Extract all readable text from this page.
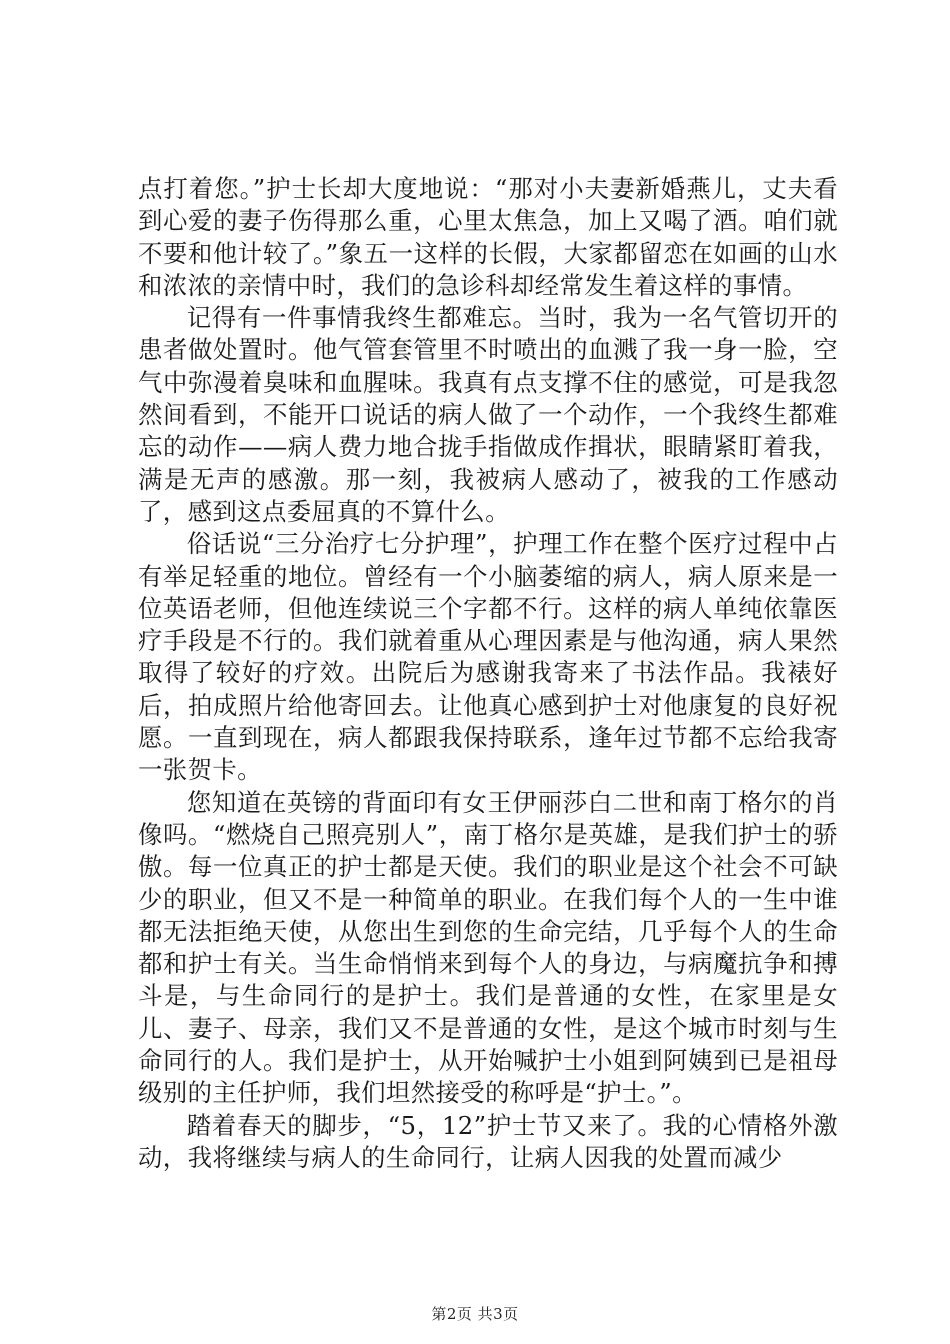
点打着您。”护士长却大度地说：“那对小夫妻新婚燕儿，丈夫看到心爱的妻子伤得那么重，心里太焦急，加上又喝了酒。咱们就不要和他计较了。”象五一这样的长假，大家都留恋在如画的山水和浓浓的亲情中时，我们的急诊科却经常发生着这样的事情。

记得有一件事情我终生都难忘。当时，我为一名气管切开的患者做处置时。他气管套管里不时喷出的血溅了我一身一脸，空气中弥漫着臭味和血腥味。我真有点支撑不住的感觉，可是我忽然间看到，不能开口说话的病人做了一个动作，一个我终生都难忘的动作——病人费力地合拢手指做成作揖状，眼睛紧盯着我，满是无声的感激。那一刻，我被病人感动了，被我的工作感动了，感到这点委屈真的不算什么。

俗话说“三分治疗七分护理”，护理工作在整个医疗过程中占有举足轻重的地位。曾经有一个小脑萎缩的病人，病人原来是一位英语老师，但他连续说三个字都不行。这样的病人单纯依靠医疗手段是不行的。我们就着重从心理因素是与他沟通，病人果然取得了较好的疗效。出院后为感谢我寄来了书法作品。我裱好后，拍成照片给他寄回去。让他真心感到护士对他康复的良好祝愿。一直到现在，病人都跟我保持联系，逢年过节都不忘给我寄一张贺卡。

您知道在英镑的背面印有女王伊丽莎白二世和南丁格尔的肖像吗。“燃烧自己照亮别人”，南丁格尔是英雄，是我们护士的骄傲。每一位真正的护士都是天使。我们的职业是这个社会不可缺少的职业，但又不是一种简单的职业。在我们每个人的一生中谁都无法拒绝天使，从您出生到您的生命完结，几乎每个人的生命都和护士有关。当生命悄悄来到每个人的身边，与病魔抗争和搏斗是，与生命同行的是护士。我们是普通的女性，在家里是女儿、妻子、母亲，我们又不是普通的女性，是这个城市时刻与生命同行的人。我们是护士，从开始喊护士小姐到阿姨到已是祖母级别的主任护师，我们坦然接受的称呼是“护士。”。

踏着春天的脚步，“5，12”护士节又来了。我的心情格外激动，我将继续与病人的生命同行，让病人因我的处置而减少

第2页 共3页
